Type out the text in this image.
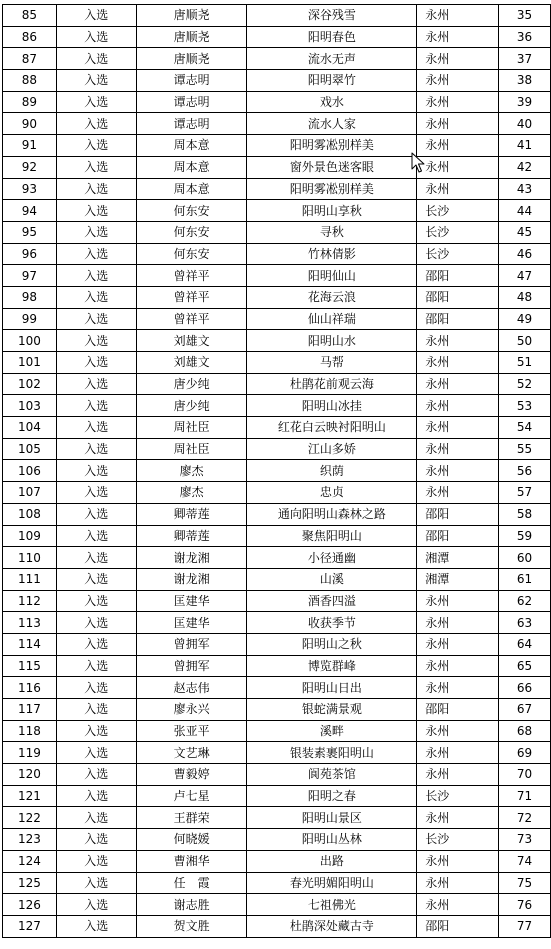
85	入选	唐顺尧	深谷残雪	永州	35
86	入选	唐顺尧	阳明春色	永州	36
87	入选	唐顺尧	流水无声	永州	37
88	入选	谭志明	阳明翠竹	永州	38
89	入选	谭志明	戏水	永州	39
90	入选	谭志明	流水人家	永州	40
91	入选	周本意	阳明雾凇别样美	永州	41
92	入选	周本意	窗外景色迷客眼	永州	42
93	入选	周本意	阳明雾凇别样美	永州	43
94	入选	何东安	阳明山享秋	长沙	44
95	入选	何东安	寻秋	长沙	45
96	入选	何东安	竹林倩影	长沙	46
97	入选	曾祥平	阳明仙山	邵阳	47
98	入选	曾祥平	花海云浪	邵阳	48
99	入选	曾祥平	仙山祥瑞	邵阳	49
100	入选	刘雄文	阳明山水	永州	50
101	入选	刘雄文	马帮	永州	51
102	入选	唐少纯	杜鹃花前观云海	永州	52
103	入选	唐少纯	阳明山冰挂	永州	53
104	入选	周社臣	红花白云映衬阳明山	永州	54
105	入选	周社臣	江山多娇	永州	55
106	入选	廖杰	织荫	永州	56
107	入选	廖杰	忠贞	永州	57
108	入选	卿蒂莲	通向阳明山森林之路	邵阳	58
109	入选	卿蒂莲	聚焦阳明山	邵阳	59
110	入选	谢龙湘	小径通幽	湘潭	60
111	入选	谢龙湘	山溪	湘潭	61
112	入选	匡建华	酒香四溢	永州	62
113	入选	匡建华	收获季节	永州	63
114	入选	曾拥军	阳明山之秋	永州	64
115	入选	曾拥军	博览群峰	永州	65
116	入选	赵志伟	阳明山日出	永州	66
117	入选	廖永兴	银蛇满景观	邵阳	67
118	入选	张亚平	溪畔	永州	68
119	入选	文艺琳	银装素裹阳明山	永州	69
120	入选	曹毅婷	阆苑茶馆	永州	70
121	入选	卢七星	阳明之春	长沙	71
122	入选	王群荣	阳明山景区	永州	72
123	入选	何晓媛	阳明山丛林	长沙	73
124	入选	曹湘华	出路	永州	74
125	入选	任　霞	春光明媚阳明山	永州	75
126	入选	谢志胜	七祖佛光	永州	76
127	入选	贺文胜	杜鹃深处藏古寺	邵阳	77
